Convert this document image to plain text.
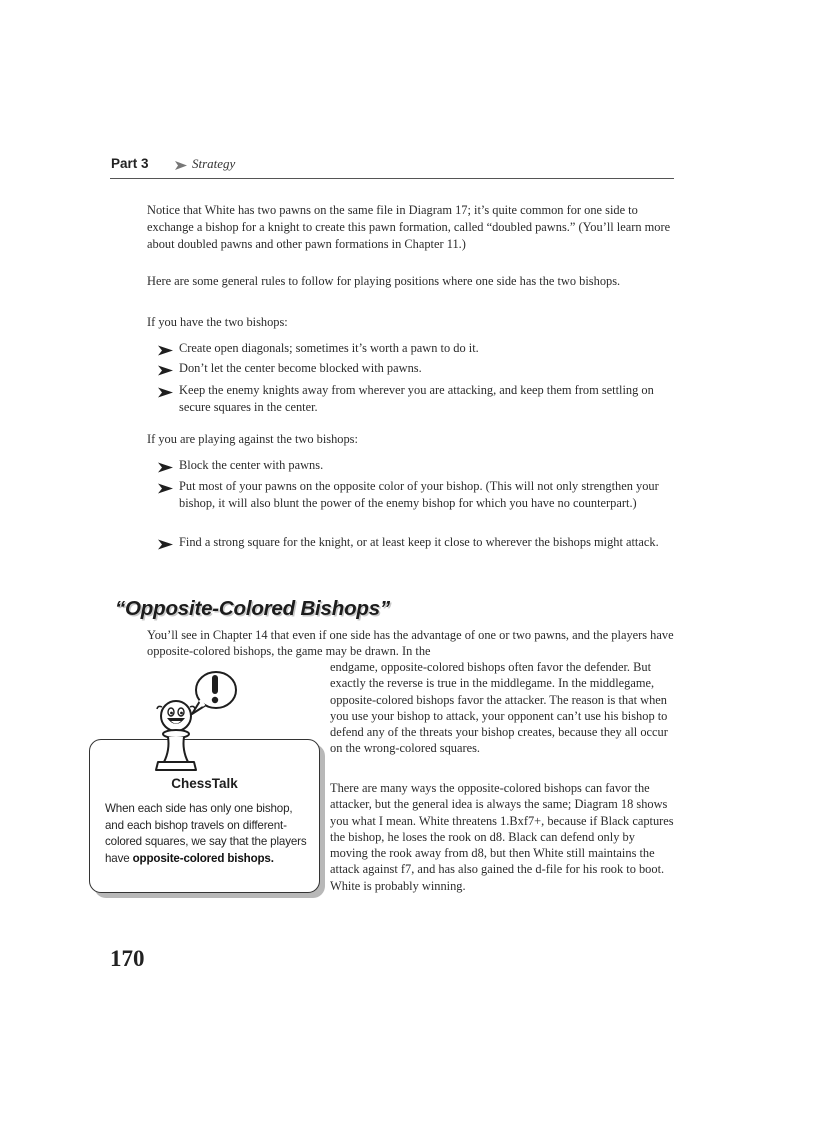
Part 3	Strategy

Notice that White has two pawns on the same file in Diagram 17; it’s quite common for one side to exchange a bishop for a knight to create this pawn formation, called “doubled pawns.” (You’ll learn more about doubled pawns and other pawn formations in Chapter 11.)

Here are some general rules to follow for playing positions where one side has the two bishops.

If you have the two bishops:

Create open diagonals; sometimes it’s worth a pawn to do it.

Don’t let the center become blocked with pawns.

Keep the enemy knights away from wherever you are attacking, and keep them from settling on secure squares in the center.

If you are playing against the two bishops:

Block the center with pawns.

Put most of your pawns on the opposite color of your bishop. (This will not only strengthen your bishop, it will also blunt the power of the enemy bishop for which you have no counterpart.)

Find a strong square for the knight, or at least keep it close to wherever the bishops might attack.

“Opposite-Colored Bishops”

You’ll see in Chapter 14 that even if one side has the advantage of one or two pawns, and the players have opposite-colored bishops, the game may be drawn. In the

endgame, opposite-colored bishops often favor the defender. But exactly the reverse is true in the middlegame. In the middlegame, opposite-colored bishops favor the attacker. The reason is that when you use your bishop to attack, your opponent can’t use his bishop to defend any of the threats your bishop creates, because they all occur on the wrong-colored squares.

There are many ways the opposite-colored bishops can favor the attacker, but the general idea is always the same; Diagram 18 shows you what I mean. White threatens 1.Bxf7+, because if Black captures the bishop, he loses the rook on d8. Black can defend only by moving the rook away from d8, but then White still maintains the attack against f7, and has also gained the d-file for his rook to boot. White is probably winning.

ChessTalk

When each side has only one bishop, and each bishop travels on different-colored squares, we say that the players have opposite-colored bishops.

170
